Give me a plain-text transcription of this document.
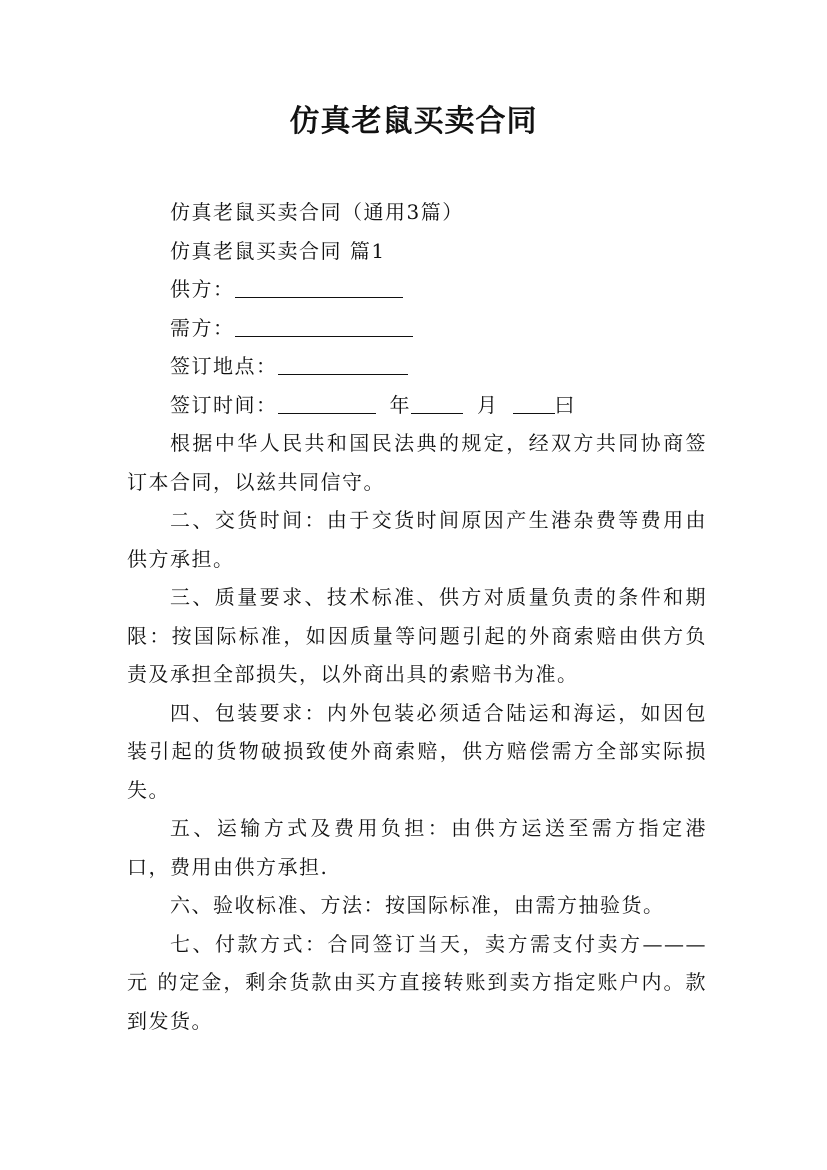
仿真老鼠买卖合同

仿真老鼠买卖合同（通用3篇）

仿真老鼠买卖合同 篇1

供方：

需方：

签订地点：

签订时间：	年	月	曰

根据中华人民共和国民法典的规定，经双方共同协商签订本合同，以兹共同信守。

二、交货时间：由于交货时间原因产生港杂费等费用由供方承担。

三、质量要求、技术标准、供方对质量负责的条件和期限：按国际标准，如因质量等问题引起的外商索赔由供方负责及承担全部损失，以外商出具的索赔书为准。

四、包装要求：内外包装必须适合陆运和海运，如因包装引起的货物破损致使外商索赔，供方赔偿需方全部实际损失。

五、运输方式及费用负担：由供方运送至需方指定港口，费用由供方承担.

六、验收标准、方法：按国际标准，由需方抽验货。

七、付款方式：合同签订当天，卖方需支付卖方———元 的定金，剩余货款由买方直接转账到卖方指定账户内。款到发货。
